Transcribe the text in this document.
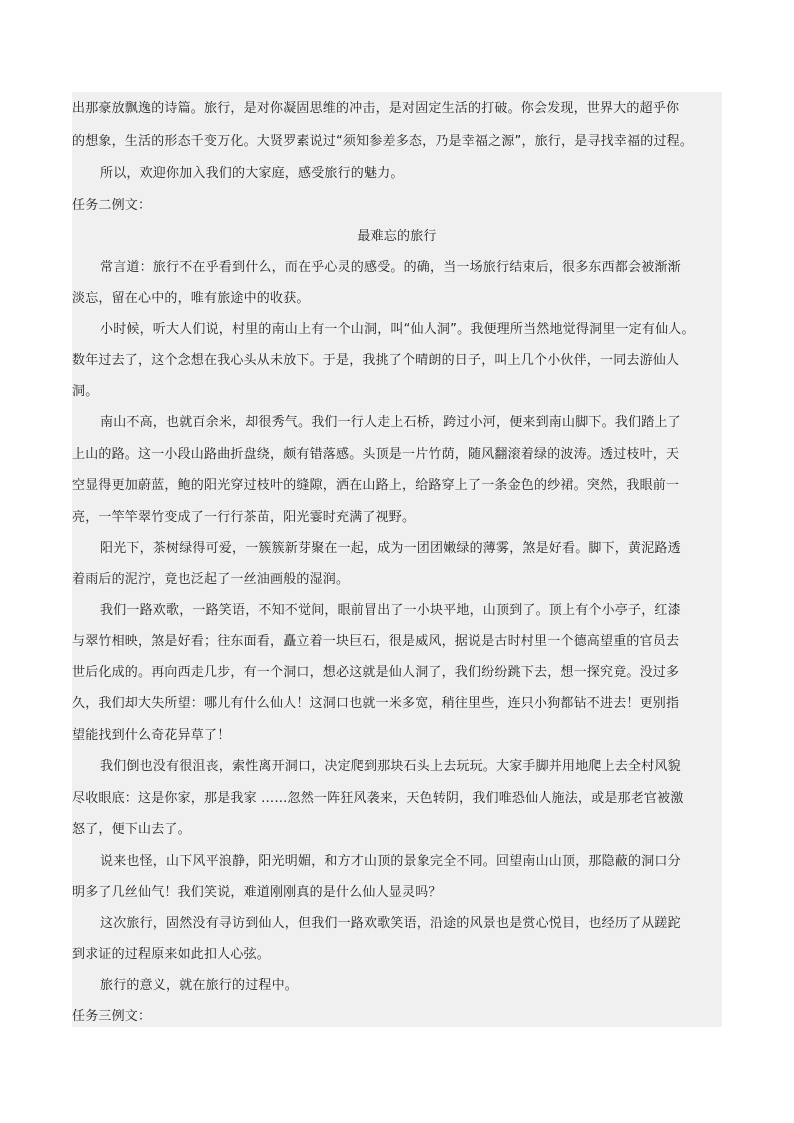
出那豪放飘逸的诗篇。旅行，是对你凝固思维的冲击，是对固定生活的打破。你会发现，世界大的超乎你
的想象，生活的形态千变万化。大贤罗素说过“须知参差多态，乃是幸福之源”，旅行，是寻找幸福的过程。
所以，欢迎你加入我们的大家庭，感受旅行的魅力。
任务二例文：
最难忘的旅行
常言道：旅行不在乎看到什么，而在乎心灵的感受。的确，当一场旅行结束后，很多东西都会被渐渐
淡忘，留在心中的，唯有旅途中的收获。
小时候，听大人们说，村里的南山上有一个山洞，叫“仙人洞”。我便理所当然地觉得洞里一定有仙人。
数年过去了，这个念想在我心头从未放下。于是，我挑了个晴朗的日子，叫上几个小伙伴，一同去游仙人
洞。
南山不高，也就百余米，却很秀气。我们一行人走上石桥，跨过小河，便来到南山脚下。我们踏上了
上山的路。这一小段山路曲折盘绕，颇有错落感。头顶是一片竹荫，随风翻滚着绿的波涛。透过枝叶，天
空显得更加蔚蓝，鲍的阳光穿过枝叶的缝隙，洒在山路上，给路穿上了一条金色的纱裙。突然，我眼前一
亮，一竿竿翠竹变成了一行行茶苗，阳光霎时充满了视野。
阳光下，茶树绿得可爱，一簇簇新芽聚在一起，成为一团团嫩绿的薄雾，煞是好看。脚下，黄泥路透
着雨后的泥泞，竟也泛起了一丝油画般的湿润。
我们一路欢歌，一路笑语，不知不觉间，眼前冒出了一小块平地，山顶到了。顶上有个小亭子，红漆
与翠竹相映，煞是好看；往东面看，矗立着一块巨石，很是威风，据说是古时村里一个德高望重的官员去
世后化成的。再向西走几步，有一个洞口，想必这就是仙人洞了，我们纷纷跳下去，想一探究竟。没过多
久，我们却大失所望：哪儿有什么仙人！这洞口也就一米多宽，稍往里些，连只小狗都钻不进去！更别指
望能找到什么奇花异草了！
我们倒也没有很沮丧，索性离开洞口，决定爬到那块石头上去玩玩。大家手脚并用地爬上去全村风貌
尽收眼底：这是你家，那是我家 ……忽然一阵狂风袭来，天色转阴，我们唯恐仙人施法，或是那老官被激
怒了，便下山去了。
说来也怪，山下风平浪静，阳光明媚，和方才山顶的景象完全不同。回望南山山顶，那隐蔽的洞口分
明多了几丝仙气！我们笑说，难道刚刚真的是什么仙人显灵吗？
这次旅行，固然没有寻访到仙人，但我们一路欢歌笑语，沿途的风景也是赏心悦目，也经历了从蹉跎
到求证的过程原来如此扣人心弦。
旅行的意义，就在旅行的过程中。
任务三例文：
